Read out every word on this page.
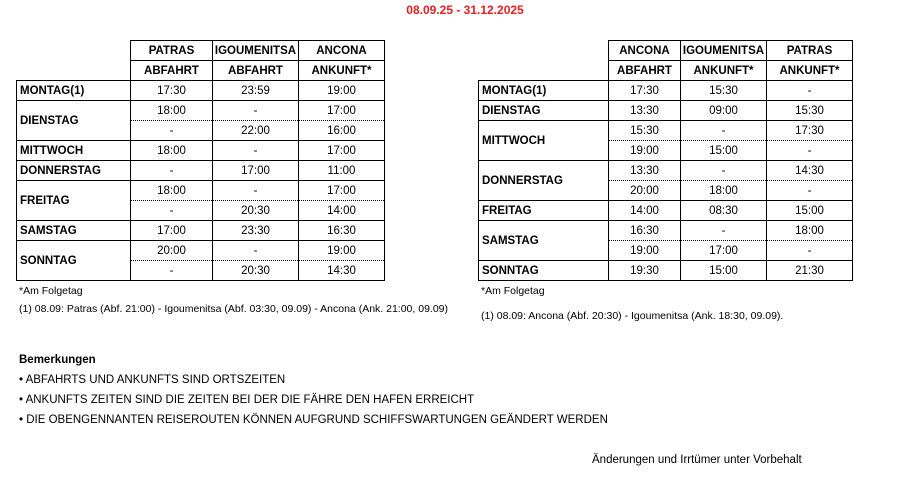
08.09.25 - 31.12.2025
	PATRAS	IGOUMENITSA	ANCONA
	ABFAHRT	ABFAHRT	ANKUNFT*
MONTAG(1)	17:30	23:59	19:00
DIENSTAG	18:00	-	17:00
	-	22:00	16:00
MITTWOCH	18:00	-	17:00
DONNERSTAG	-	17:00	11:00
FREITAG	18:00	-	17:00
	-	20:30	14:00
SAMSTAG	17:00	23:30	16:30
SONNTAG	20:00	-	19:00
	-	20:30	14:30
	ANCONA	IGOUMENITSA	PATRAS
	ABFAHRT	ANKUNFT*	ANKUNFT*
MONTAG(1)	17:30	15:30	-
DIENSTAG	13:30	09:00	15:30
MITTWOCH	15:30	-	17:30
	19:00	15:00	-
DONNERSTAG	13:30	-	14:30
	20:00	18:00	-
FREITAG	14:00	08:30	15:00
SAMSTAG	16:30	-	18:00
	19:00	17:00	-
SONNTAG	19:30	15:00	21:30
*Am Folgetag
(1) 08.09: Patras (Abf. 21:00) - Igoumenitsa (Abf. 03:30, 09.09) - Ancona (Ank. 21:00, 09.09)
*Am Folgetag
(1) 08.09: Ancona (Abf. 20:30) - Igoumenitsa (Ank. 18:30, 09.09).
Bemerkungen
• ABFAHRTS UND ANKUNFTS SIND ORTSZEITEN
• ANKUNFTS ZEITEN SIND DIE ZEITEN BEI DER DIE FÄHRE DEN HAFEN ERREICHT
• DIE OBENGENNANTEN REISEROUTEN KÖNNEN AUFGRUND SCHIFFSWARTUNGEN GEÄNDERT WERDEN
Änderungen und Irrtümer unter Vorbehalt
